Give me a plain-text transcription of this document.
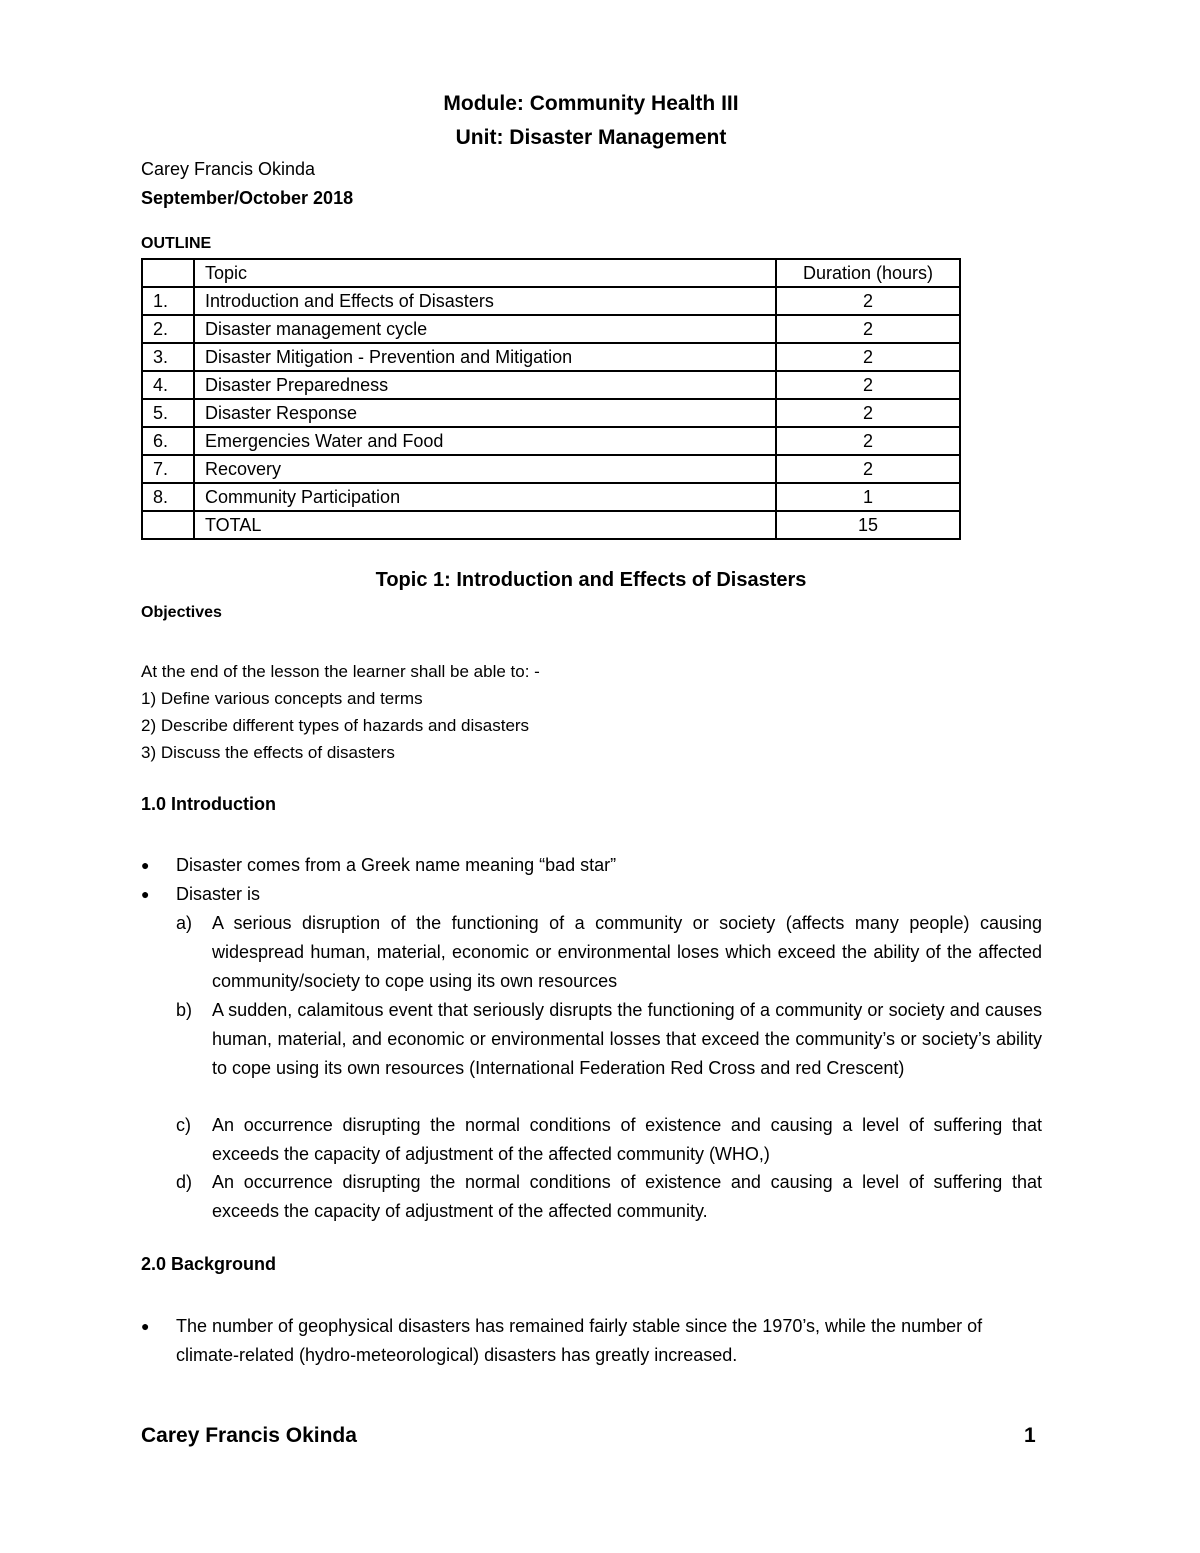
Module: Community Health III
Unit: Disaster Management
Carey Francis Okinda
September/October 2018
OUTLINE
	Topic	Duration (hours)
1.	Introduction and Effects of Disasters	2
2.	Disaster management cycle	2
3.	Disaster Mitigation - Prevention and Mitigation	2
4.	Disaster Preparedness	2
5.	Disaster Response	2
6.	Emergencies Water and Food	2
7.	Recovery	2
8.	Community Participation	1
	TOTAL	15
Topic 1: Introduction and Effects of Disasters
Objectives
At the end of the lesson the learner shall be able to: -
1) Define various concepts and terms
2) Describe different types of hazards and disasters
3) Discuss the effects of disasters
1.0 Introduction
● Disaster comes from a Greek name meaning “bad star”
● Disaster is
a) A serious disruption of the functioning of a community or society (affects many people) causing widespread human, material, economic or environmental loses which exceed the ability of the affected community/society to cope using its own resources
b) A sudden, calamitous event that seriously disrupts the functioning of a community or society and causes human, material, and economic or environmental losses that exceed the community’s or society’s ability to cope using its own resources (International Federation Red Cross and red Crescent)
c) An occurrence disrupting the normal conditions of existence and causing a level of suffering that exceeds the capacity of adjustment of the affected community (WHO,)
d) An occurrence disrupting the normal conditions of existence and causing a level of suffering that exceeds the capacity of adjustment of the affected community.
2.0 Background
● The number of geophysical disasters has remained fairly stable since the 1970’s, while the number of climate-related (hydro-meteorological) disasters has greatly increased.
Carey Francis Okinda	1
